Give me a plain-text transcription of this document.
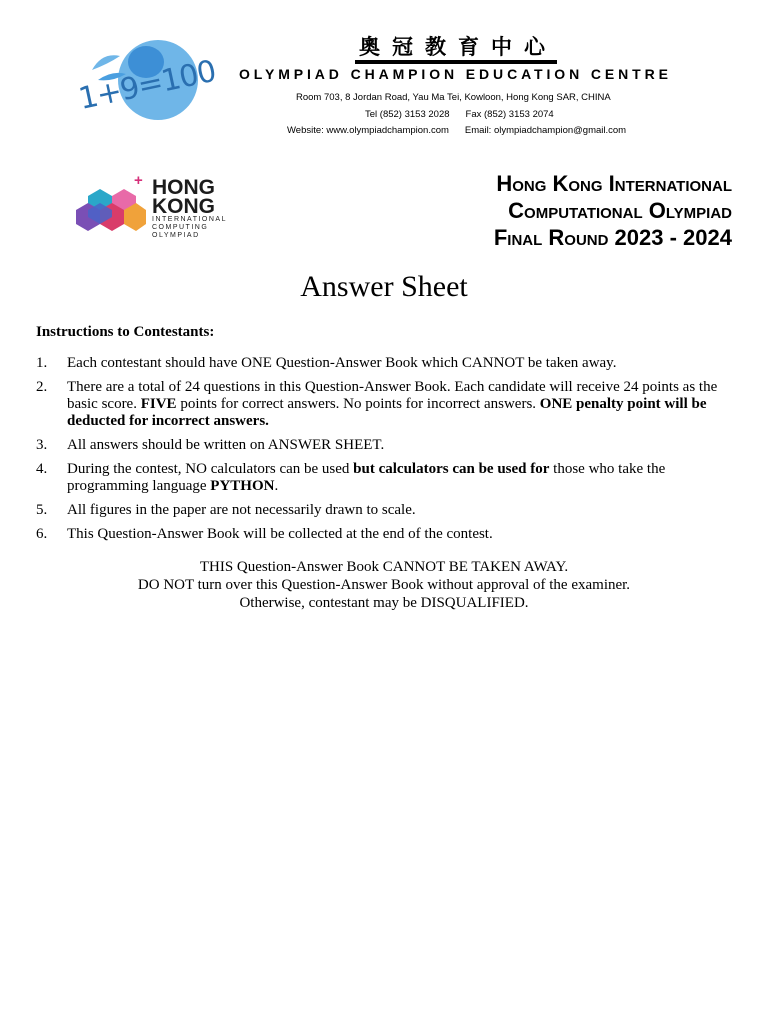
1+9=100
奧冠教育中心
OLYMPIAD CHAMPION EDUCATION CENTRE
Room 703, 8 Jordan Road, Yau Ma Tei, Kowloon, Hong Kong SAR, CHINA
Tel (852) 3153 2028 Fax (852) 3153 2074
Website: www.olympiadchampion.com Email: olympiadchampion@gmail.com
+ HONG
KONG
INTERNATIONAL
COMPUTING
OLYMPIAD
Hong Kong International
Computational Olympiad
Final Round 2023 - 2024
Answer Sheet
Instructions to Contestants:
1.	Each contestant should have ONE Question-Answer Book which CANNOT be taken away.
2.	There are a total of 24 questions in this Question-Answer Book. Each candidate will receive 24 points as the basic score. FIVE points for correct answers. No points for incorrect answers. ONE penalty point will be deducted for incorrect answers.
3.	All answers should be written on ANSWER SHEET.
4.	During the contest, NO calculators can be used but calculators can be used for those who take the programming language PYTHON.
5.	All figures in the paper are not necessarily drawn to scale.
6.	This Question-Answer Book will be collected at the end of the contest.
THIS Question-Answer Book CANNOT BE TAKEN AWAY.
DO NOT turn over this Question-Answer Book without approval of the examiner.
Otherwise, contestant may be DISQUALIFIED.
